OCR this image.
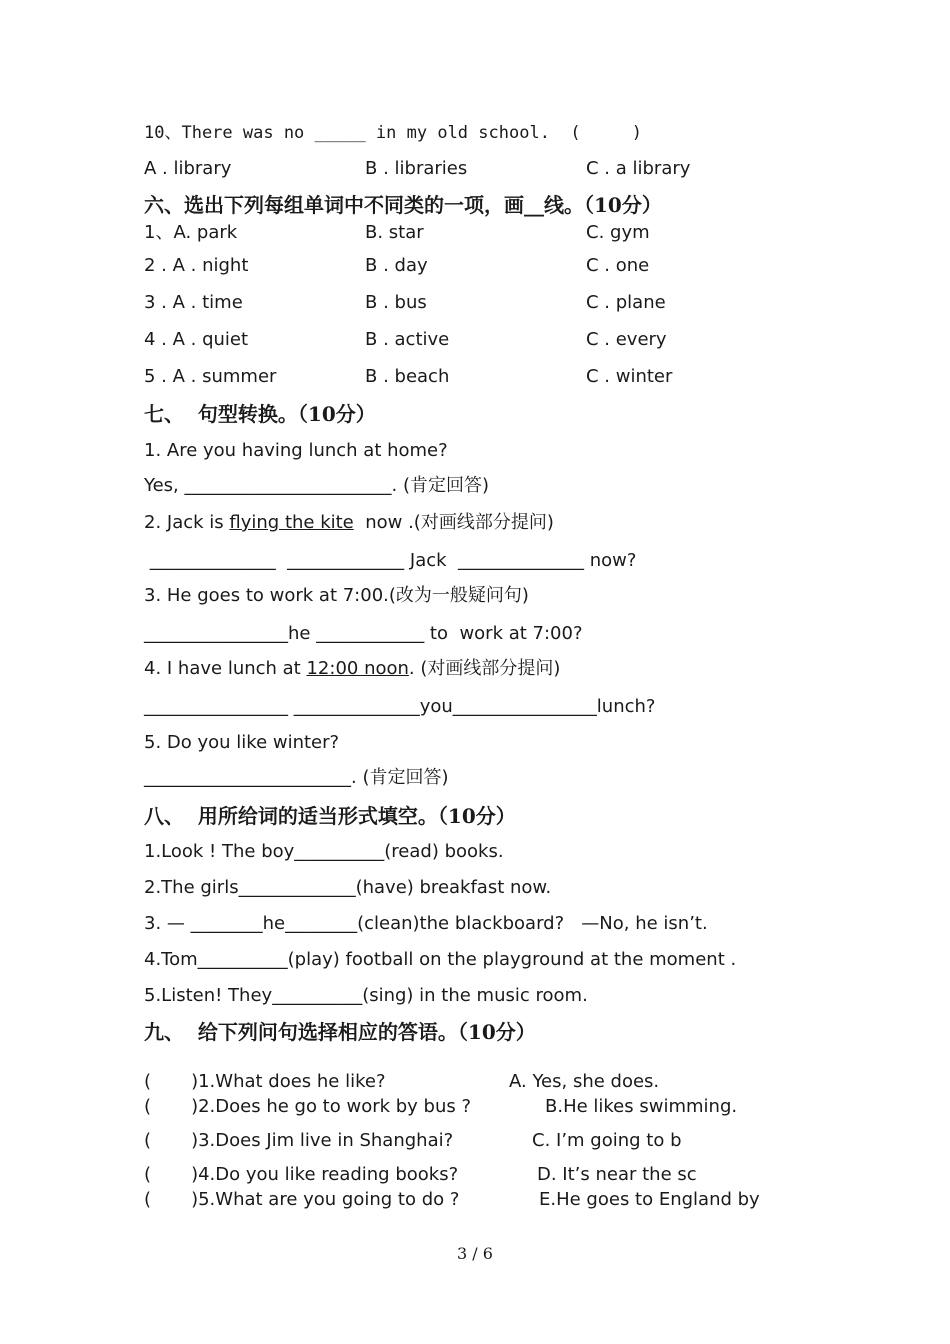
10、There was no _____ in my old school.  (     )
A . library	B . libraries	C . a library
六、选出下列每组单词中不同类的一项，画__线。（10分）
1、A. park	B. star	C. gym
2 . A . night	B . day	C . one
3 . A . time	B . bus	C . plane
4 . A . quiet	B . active	C . every
5 . A . summer	B . beach	C . winter
七、  句型转换。（10分）
1. Are you having lunch at home?
Yes, _______________________. (肯定回答)
2. Jack is flying the kite  now .(对画线部分提问)
______________  _____________ Jack  ______________ now?
3. He goes to work at 7:00.(改为一般疑问句)
________________he ____________ to  work at 7:00?
4. I have lunch at 12:00 noon. (对画线部分提问)
________________ ______________you________________lunch?
5. Do you like winter?
_______________________. (肯定回答)
八、  用所给词的适当形式填空。（10分）
1.Look ! The boy__________(read) books.
2.The girls_____________(have) breakfast now.
3. — ________he________(clean)the blackboard?   —No, he isn’t.
4.Tom__________(play) football on the playground at the moment .
5.Listen! They__________(sing) in the music room.
九、  给下列问句选择相应的答语。（10分）
(       )1.What does he like?	A. Yes, she does.
(       )2.Does he go to work by bus ?	B.He likes swimming.
(       )3.Does Jim live in Shanghai?	C. I’m going to b
(       )4.Do you like reading books?	D. It’s near the sc
(       )5.What are you going to do ?	E.He goes to England by
3 / 6
